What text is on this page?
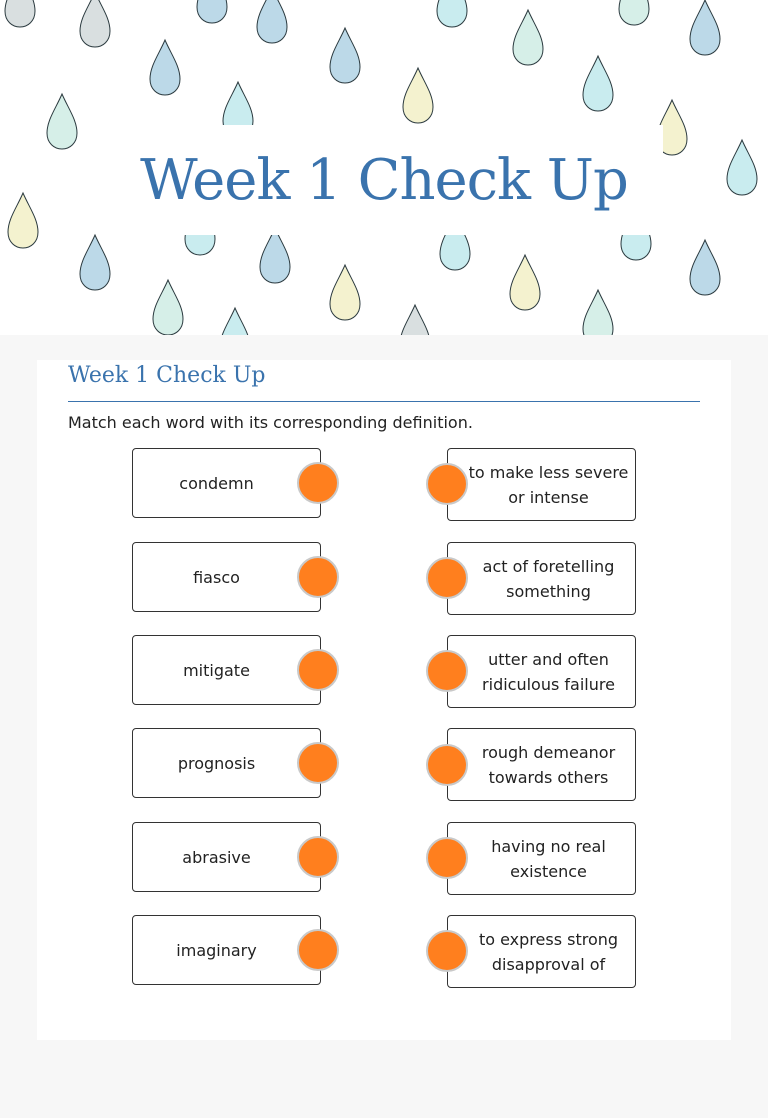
Week 1 Check Up
Week 1 Check Up
Match each word with its corresponding definition.
condemn
to make less severe or intense
fiasco
act of foretelling something
mitigate
utter and often ridiculous failure
prognosis
rough demeanor towards others
abrasive
having no real existence
imaginary
to express strong disapproval of
